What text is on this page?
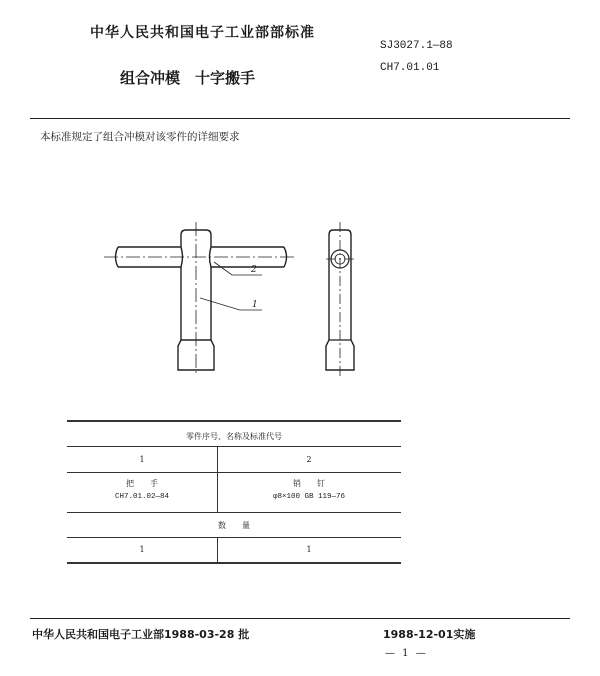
中华人民共和国电子工业部部标准
SJ3027.1—88
CH7.01.01
组合冲模　十字搬手
本标准规定了组合冲模对该零件的详细要求
2
1
零件序号、名称及标准代号
1	2
把　　手	销　　钉
CH7.01.02—84	φ8×100 GB 119—76
数　　量
1	1
中华人民共和国电子工业部1988-03-28 批	1988-12-01实施
— 1 —
